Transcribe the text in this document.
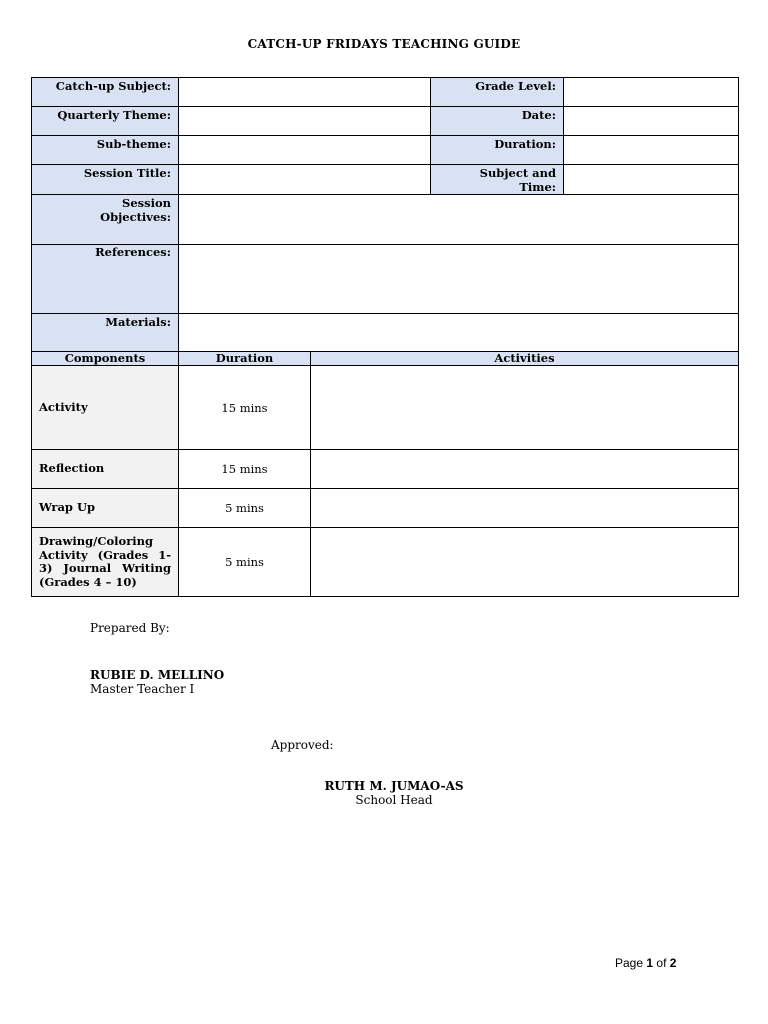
CATCH-UP FRIDAYS TEACHING GUIDE
Catch-up Subject:		Grade Level:	
Quarterly Theme:		Date:	
Sub-theme:		Duration:	
Session Title:		Subject and Time:	
Session Objectives:			
References:			
Materials:			
Components	Duration	Activities
Activity	15 mins	
Reflection	15 mins	
Wrap Up	5 mins	
Drawing/Coloring Activity (Grades 1- 3) Journal Writing (Grades 4 – 10)	5 mins	
Prepared By:
RUBIE D. MELLINO
Master Teacher I
Approved:
RUTH M. JUMAO-AS
School Head
Page 1 of 2
